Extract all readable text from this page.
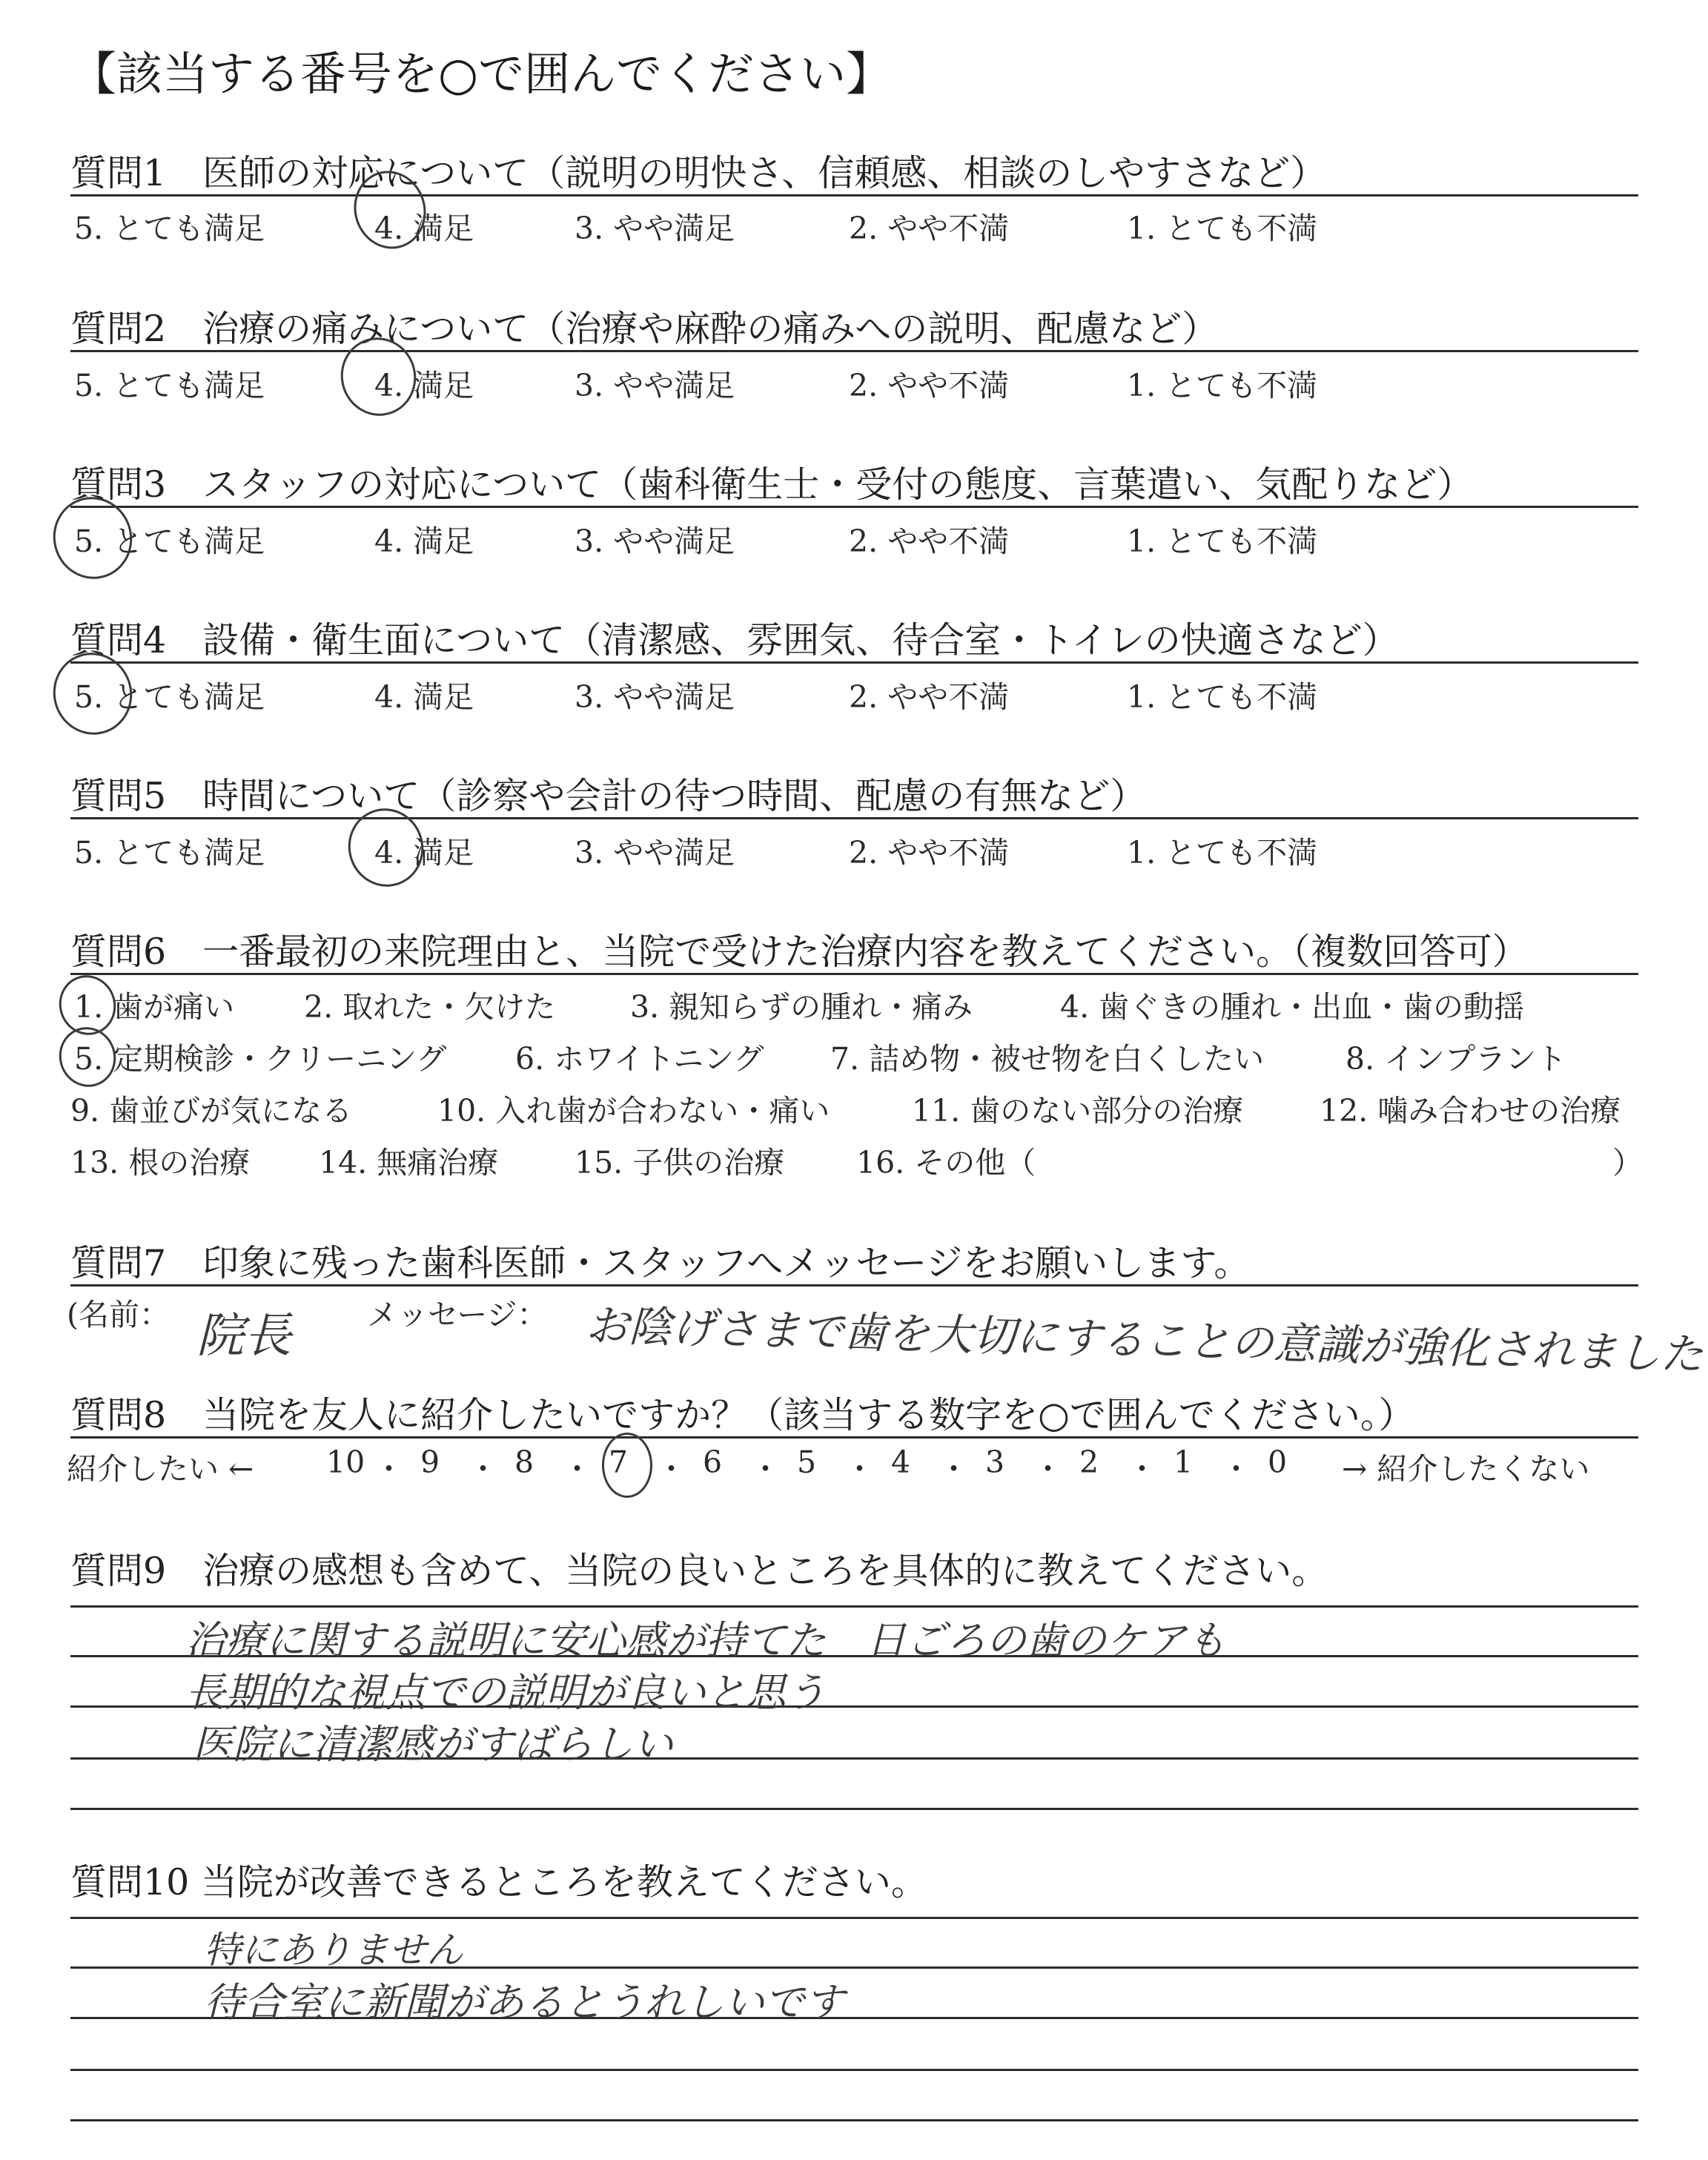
【該当する番号を○で囲んでください】
質問1　医師の対応について（説明の明快さ、信頼感、相談のしやすさなど）
5. とても満足	4. 満足	3. やや満足	2. やや不満	1. とても不満
質問2　治療の痛みについて（治療や麻酔の痛みへの説明、配慮など）
5. とても満足	4. 満足	3. やや満足	2. やや不満	1. とても不満
質問3　スタッフの対応について（歯科衛生士・受付の態度、言葉遣い、気配りなど）
5. とても満足	4. 満足	3. やや満足	2. やや不満	1. とても不満
質問4　設備・衛生面について（清潔感、雰囲気、待合室・トイレの快適さなど）
5. とても満足	4. 満足	3. やや満足	2. やや不満	1. とても不満
質問5　時間について（診察や会計の待つ時間、配慮の有無など）
5. とても満足	4. 満足	3. やや満足	2. やや不満	1. とても不満
質問6　一番最初の来院理由と、当院で受けた治療内容を教えてください。（複数回答可）
1. 歯が痛い 2. 取れた・欠けた 3. 親知らずの腫れ・痛み	4. 歯ぐきの腫れ・出血・歯の動揺
5. 定期検診・クリーニング 6. ホワイトニング 7. 詰め物・被せ物を白くしたい	8. インプラント
9. 歯並びが気になる	10. 入れ歯が合わない・痛い	11. 歯のない部分の治療	12. 噛み合わせの治療
13. 根の治療 14. 無痛治療	15. 子供の治療 16. その他（	）
質問7　印象に残った歯科医師・スタッフへメッセージをお願いします。
(名前：	メッセージ：
院長	お陰げさまで歯を大切にすることの意識が強化されました
質問8　当院を友人に紹介したいですか？（該当する数字を○で囲んでください。）
紹介したい ←	→ 紹介したくない
10 ・ 9 ・ 8 ・ 7 ・ 6 ・ 5 ・ 4 ・ 3 ・ 2 ・ 1 ・ 0
質問9　治療の感想も含めて、当院の良いところを具体的に教えてください。
治療に関する説明に安心感が持てた　日ごろの歯のケアも
長期的な視点での説明が良いと思う
医院に清潔感がすばらしい
質問10 当院が改善できるところを教えてください。
特にありません
待合室に新聞があるとうれしいです
